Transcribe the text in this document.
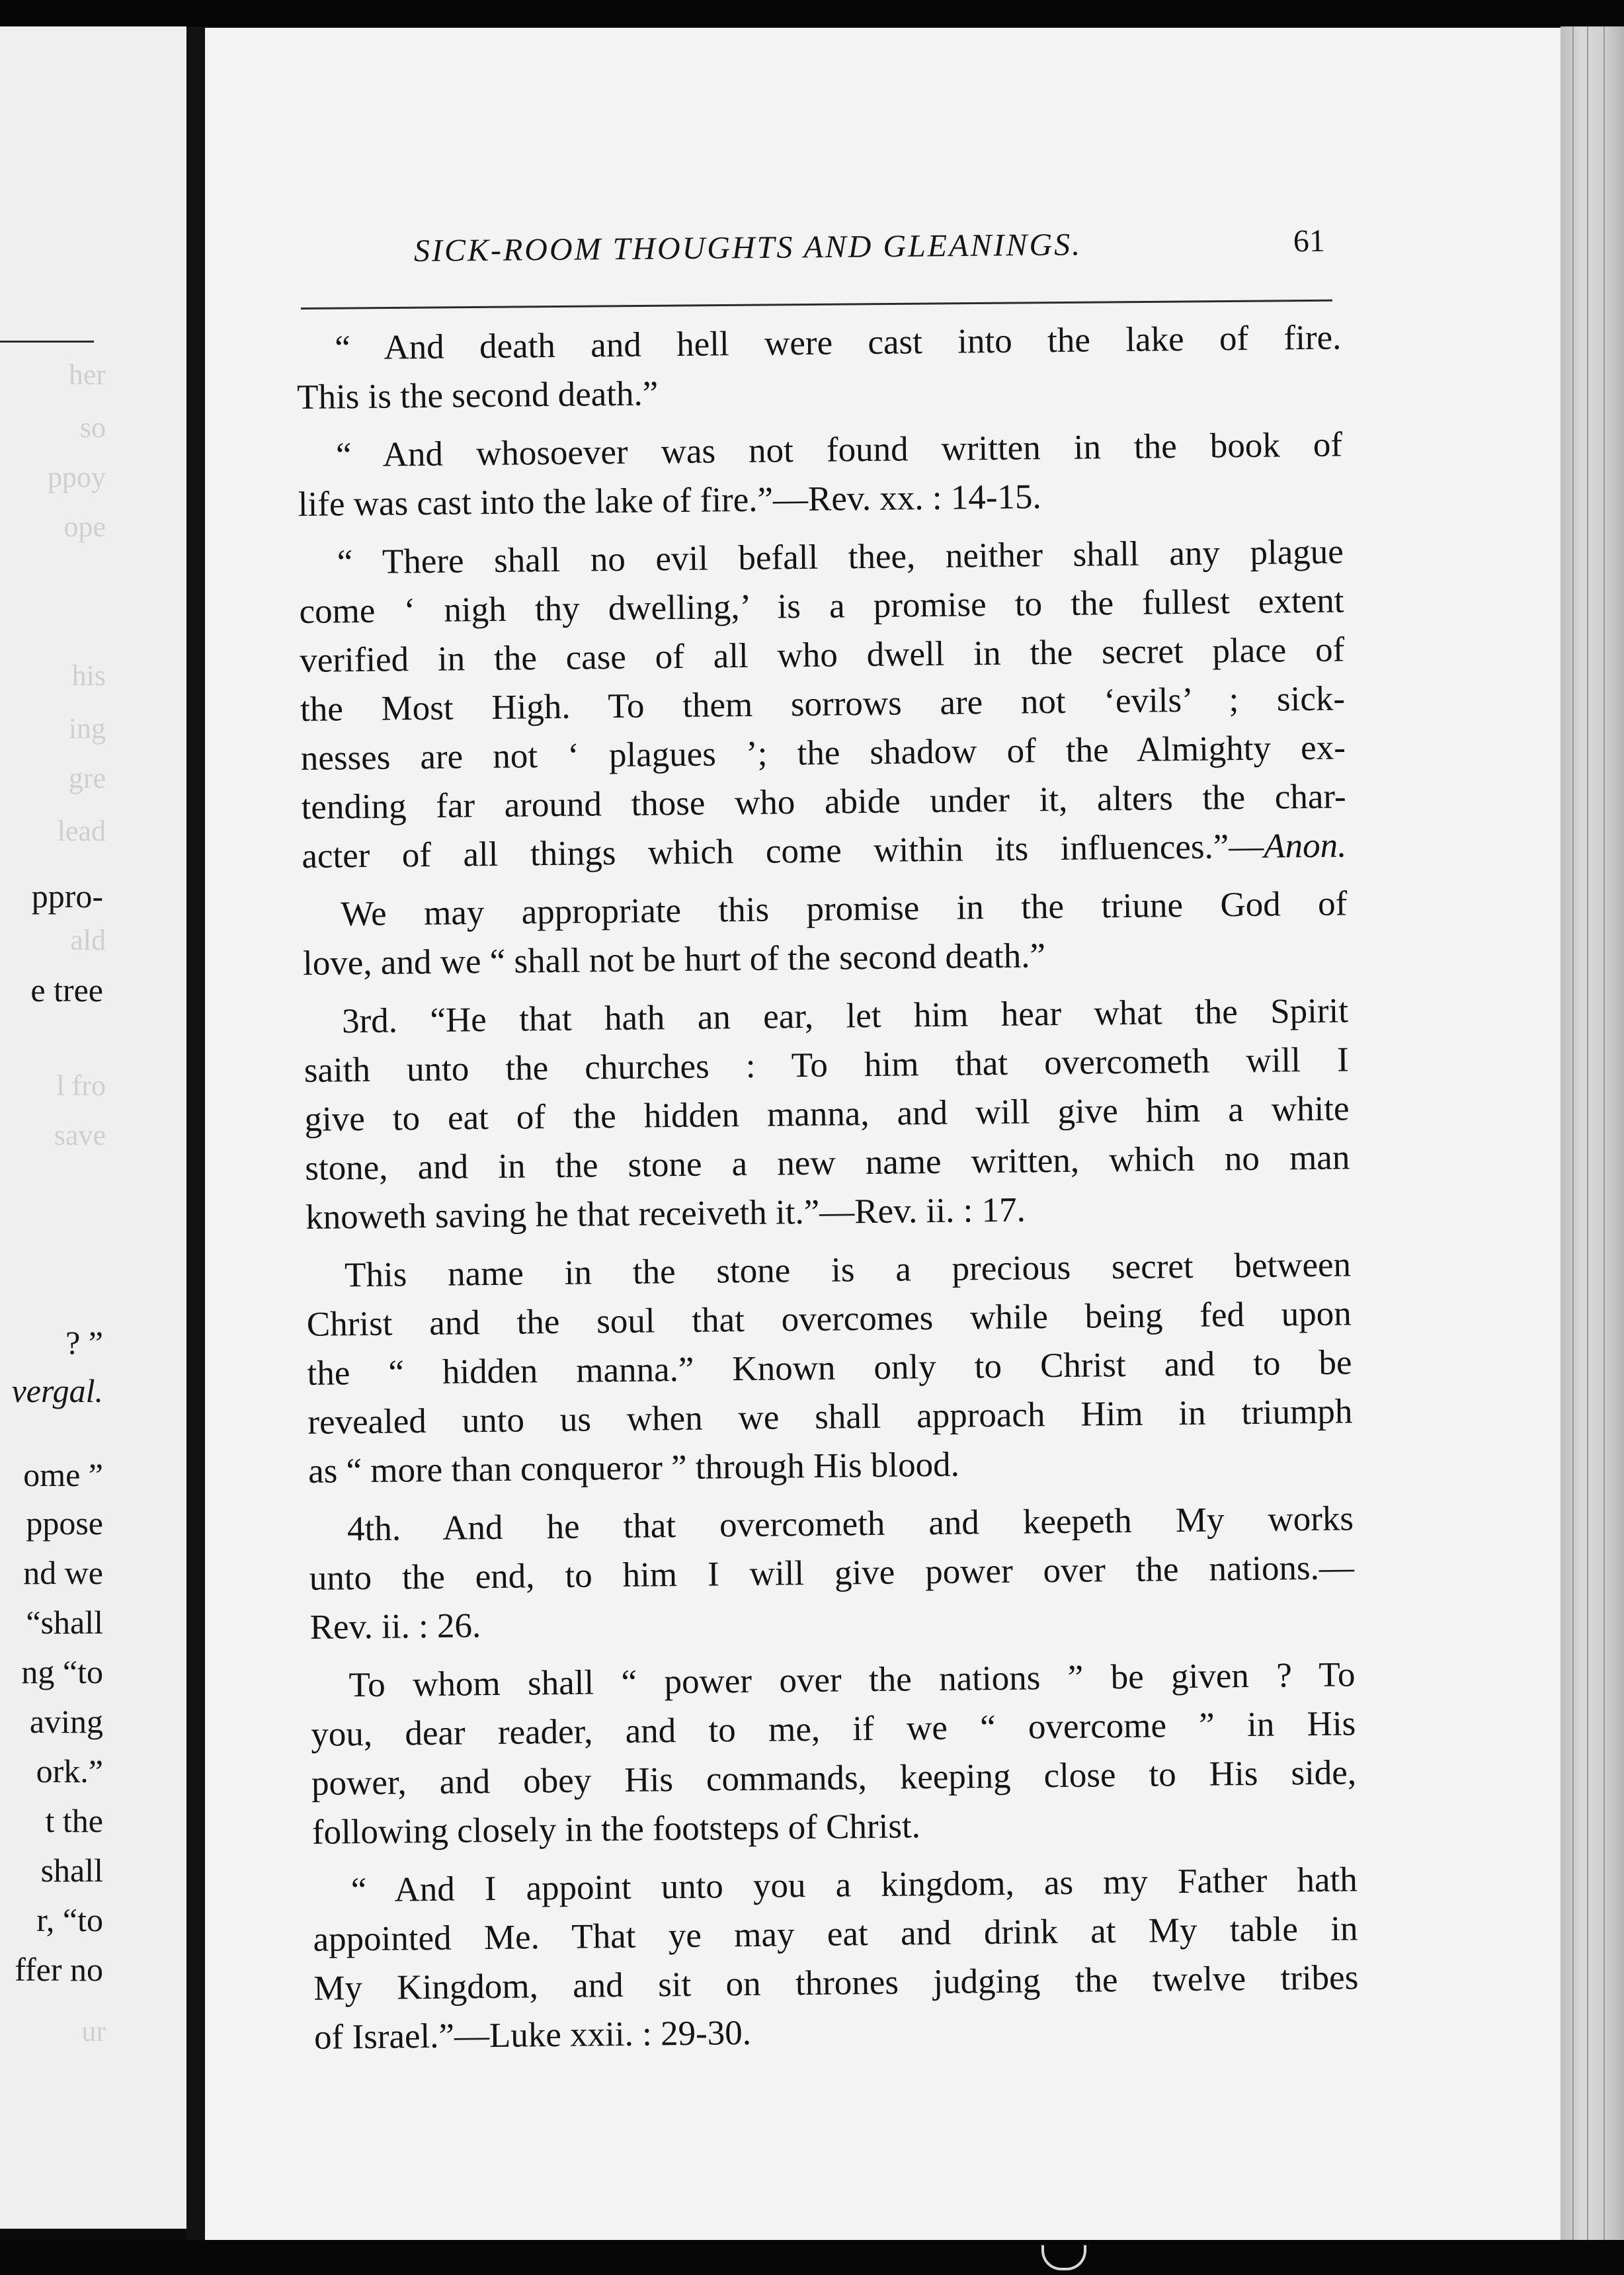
her
so
ppoy
ope
his
ing
gre
lead
ald
l fro
save
ppro-
e tree
? ”
vergal.
ome ”
ppose
nd we
“shall
ng “to
aving
ork.”
t the
shall
r, “to
ffer no
ur
SICK-ROOM THOUGHTS AND GLEANINGS.	61
“ And death and hell were cast into the lake of fire.
This is the second death.”
“ And whosoever was not found written in the book of
life was cast into the lake of fire.”—Rev. xx. : 14-15.
“ There shall no evil befall thee, neither shall any plague
come ‘ nigh thy dwelling,’ is a promise to the fullest extent
verified in the case of all who dwell in the secret place of
the Most High. To them sorrows are not ‘evils’ ; sick-
nesses are not ‘ plagues ’; the shadow of the Almighty ex-
tending far around those who abide under it, alters the char-
acter of all things which come within its influences.”—Anon.
We may appropriate this promise in the triune God of
love, and we “ shall not be hurt of the second death.”
3rd. “He that hath an ear, let him hear what the Spirit
saith unto the churches : To him that overcometh will I
give to eat of the hidden manna, and will give him a white
stone, and in the stone a new name written, which no man
knoweth saving he that receiveth it.”—Rev. ii. : 17.
This name in the stone is a precious secret between
Christ and the soul that overcomes while being fed upon
the “ hidden manna.” Known only to Christ and to be
revealed unto us when we shall approach Him in triumph
as “ more than conqueror ” through His blood.
4th. And he that overcometh and keepeth My works
unto the end, to him I will give power over the nations.—
Rev. ii. : 26.
To whom shall “ power over the nations ” be given ? To
you, dear reader, and to me, if we “ overcome ” in His
power, and obey His commands, keeping close to His side,
following closely in the footsteps of Christ.
“ And I appoint unto you a kingdom, as my Father hath
appointed Me. That ye may eat and drink at My table in
My Kingdom, and sit on thrones judging the twelve tribes
of Israel.”—Luke xxii. : 29-30.
